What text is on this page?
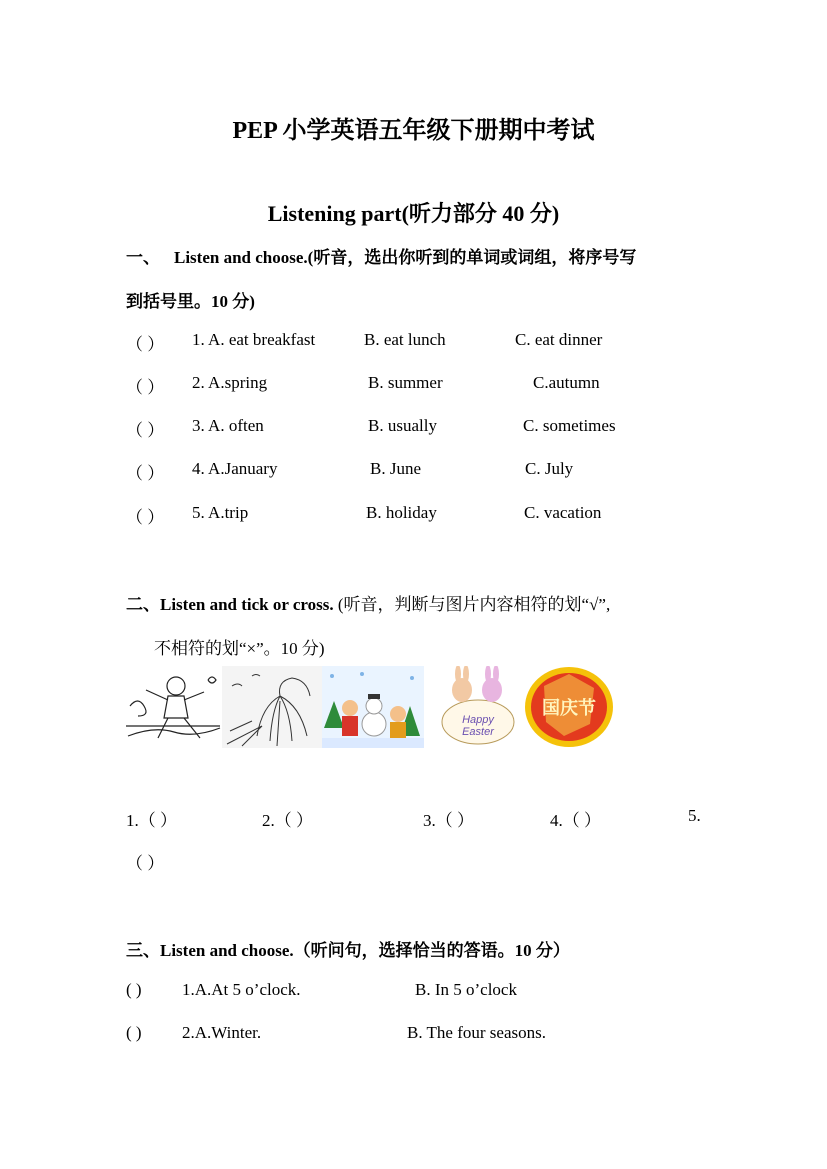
PEP 小学英语五年级下册期中考试
Listening part(听力部分 40 分)
一、 Listen and choose.(听音，选出你听到的单词或词组，将序号写
到括号里。10 分)
（ ） 1. A. eat breakfast	B. eat lunch	C. eat dinner
（ ） 2. A.spring	B. summer	C.autumn
（ ） 3. A. often	B. usually	C. sometimes
（ ） 4. A.January	B. June	C. July
（ ） 5. A.trip	B. holiday	C. vacation
二、Listen and tick or cross. (听音，判断与图片内容相符的划“√”,
不相符的划“×”。10 分)
Happy
Easter
国庆节
1.（ ）	2.（ ）	3.（ ）	4.（ ）	5.
（ ）
三、Listen and choose.（听问句，选择恰当的答语。10 分）
( ) 1.A.At 5 o’clock.	B. In 5 o’clock
( ) 2.A.Winter.	B. The four seasons.
